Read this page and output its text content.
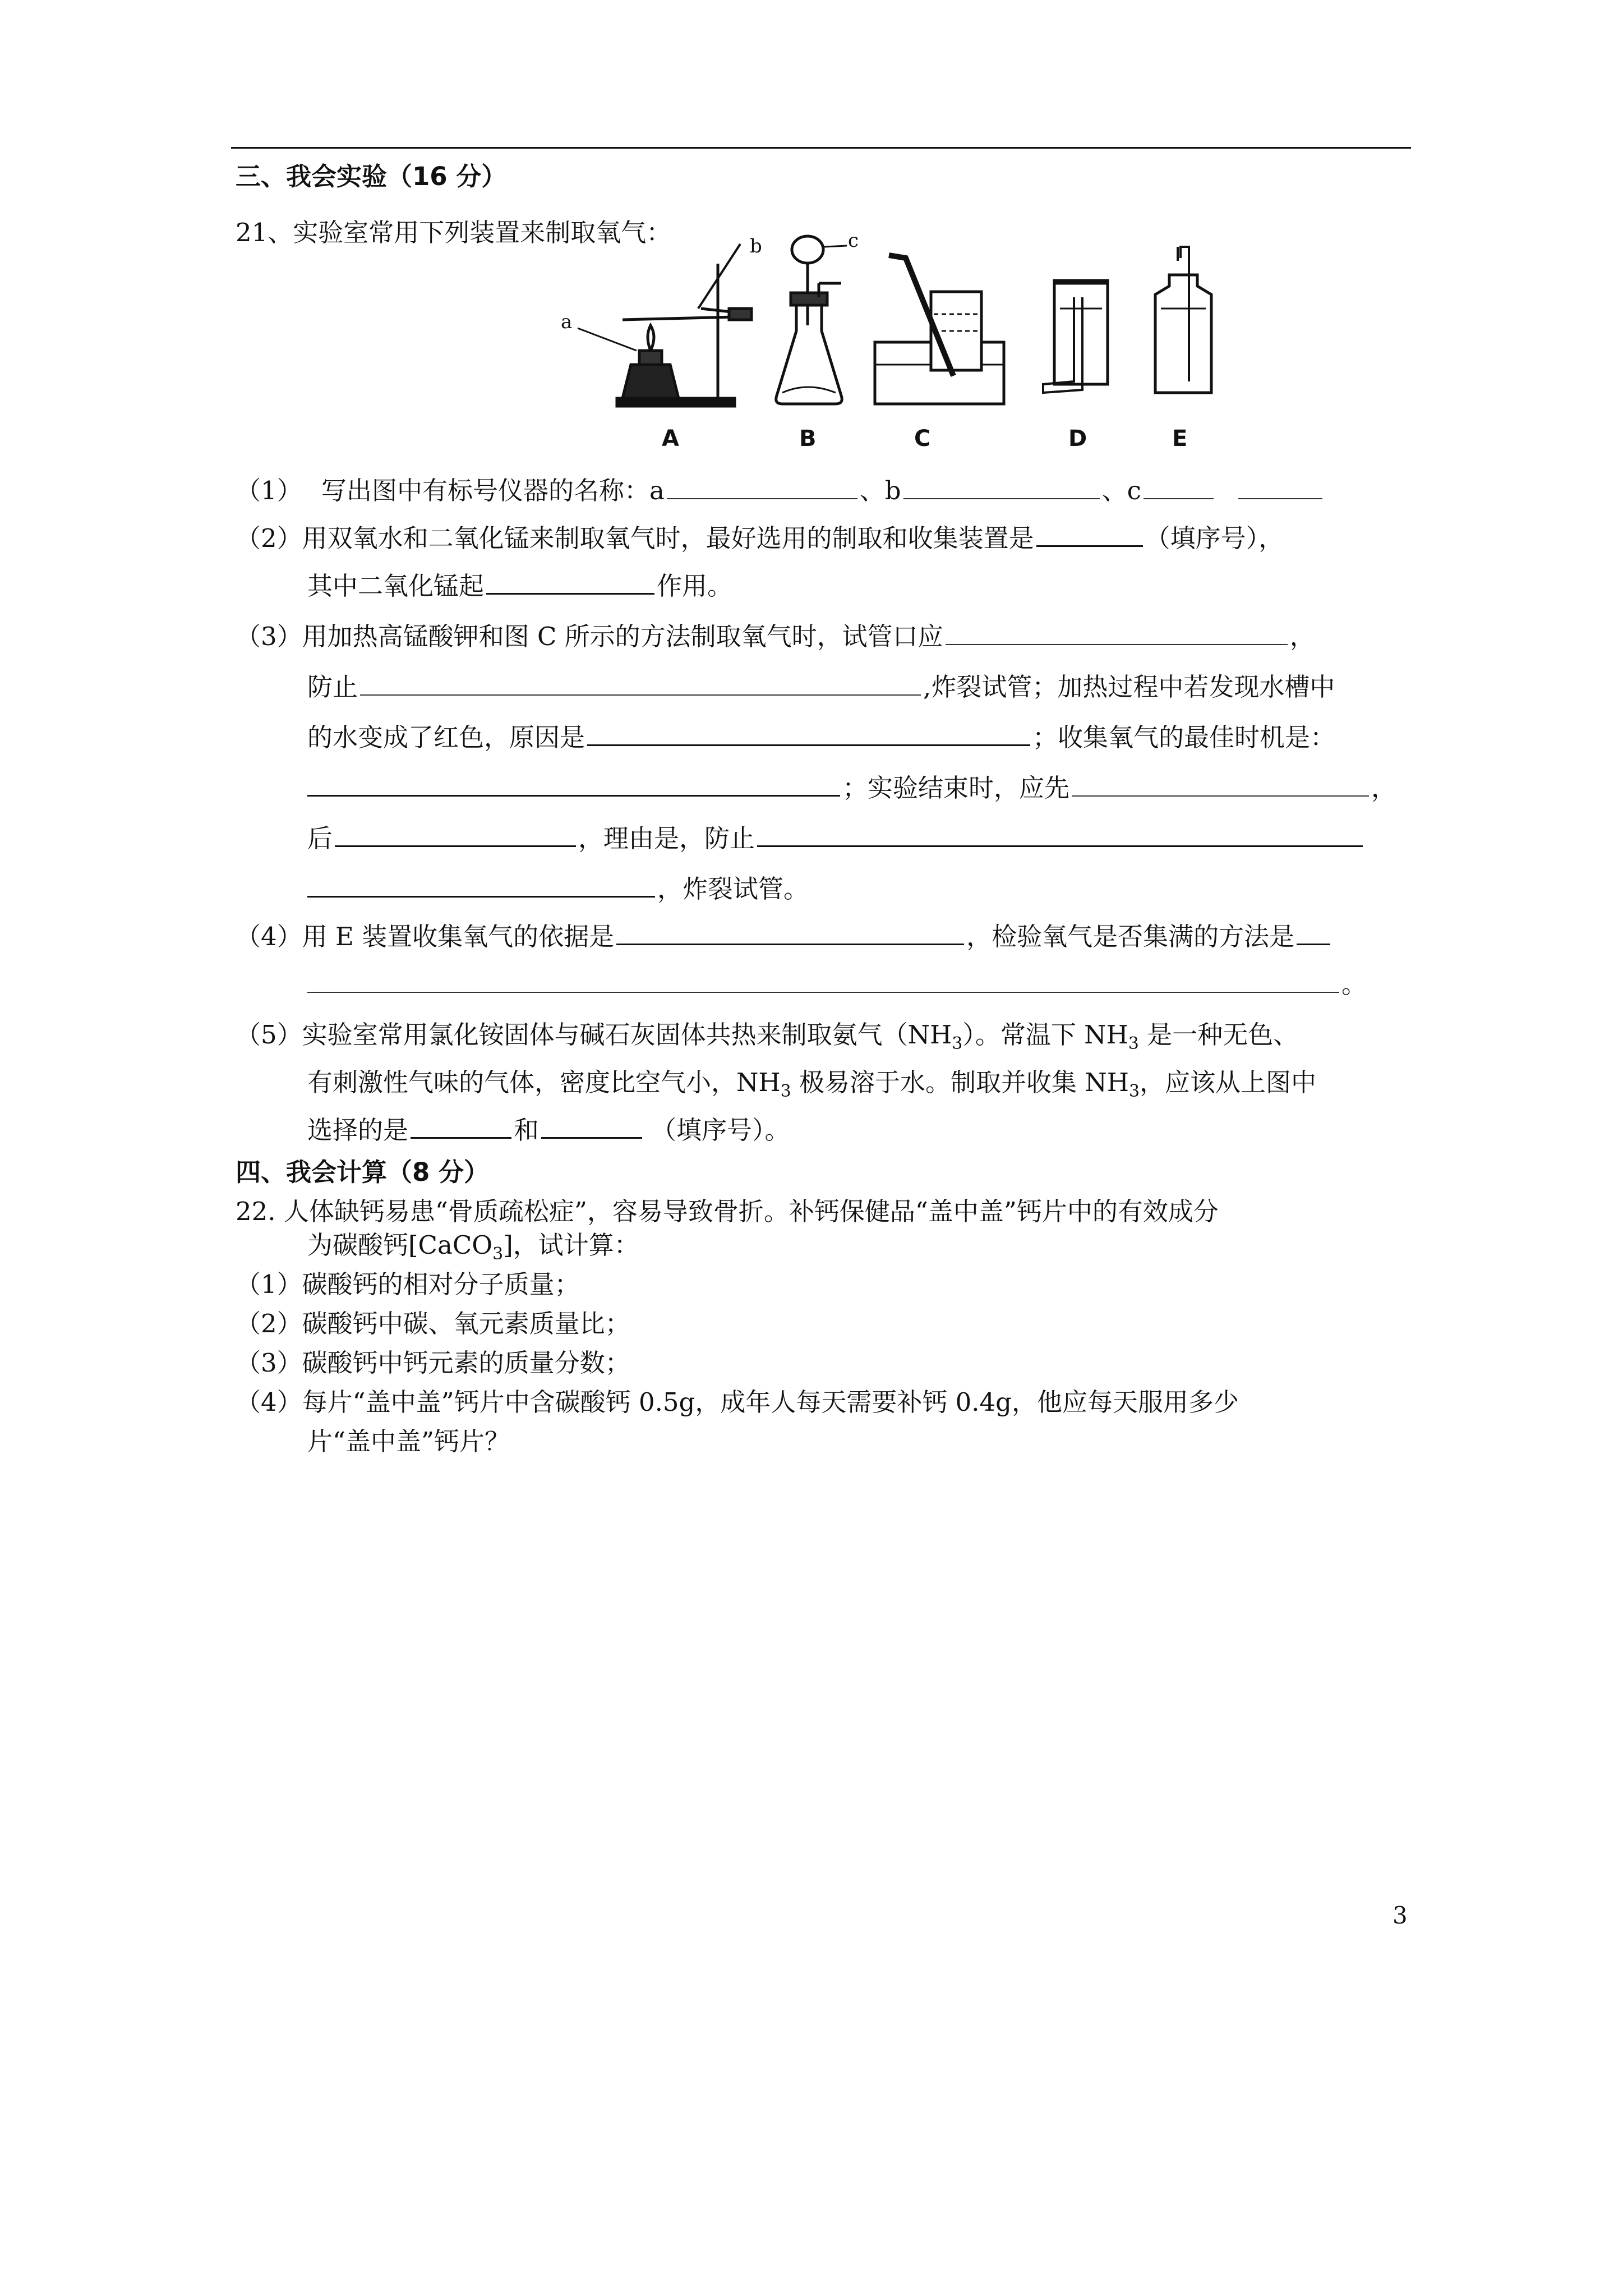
三、我会实验（16 分）
21、实验室常用下列装置来制取氧气：
a
b
A
c
B	C	D	E
（1） 写出图中有标号仪器的名称：a	、b	、c
（2）用双氧水和二氧化锰来制取氧气时，最好选用的制取和收集装置是	（填序号），
其中二氧化锰起	作用。
（3）用加热高锰酸钾和图 C 所示的方法制取氧气时，试管口应	，
防止	,炸裂试管；加热过程中若发现水槽中
的水变成了红色，原因是	；收集氧气的最佳时机是：
；实验结束时，应先	，
后	，理由是，防止
，炸裂试管。
（4）用 E 装置收集氧气的依据是	，检验氧气是否集满的方法是
。
（5）实验室常用氯化铵固体与碱石灰固体共热来制取氨气$(NH_3)$。常温下 $NH_3$ 是一种无色、
有刺激性气味的气体，密度比空气小，$NH_3$ 极易溶于水。制取并收集 $NH_3$，应该从上图中
选择的是	和	（填序号）。
四、我会计算（8 分）
22. 人体缺钙易患“骨质疏松症”，容易导致骨折。补钙保健品“盖中盖”钙片中的有效成分
为碳酸钙[CaCO$_3$]，试计算：
（1）碳酸钙的相对分子质量；
（2）碳酸钙中碳、氧元素质量比；
（3）碳酸钙中钙元素的质量分数；
（4）每片“盖中盖”钙片中含碳酸钙 0.5g，成年人每天需要补钙 0.4g，他应每天服用多少
片“盖中盖”钙片？
3
